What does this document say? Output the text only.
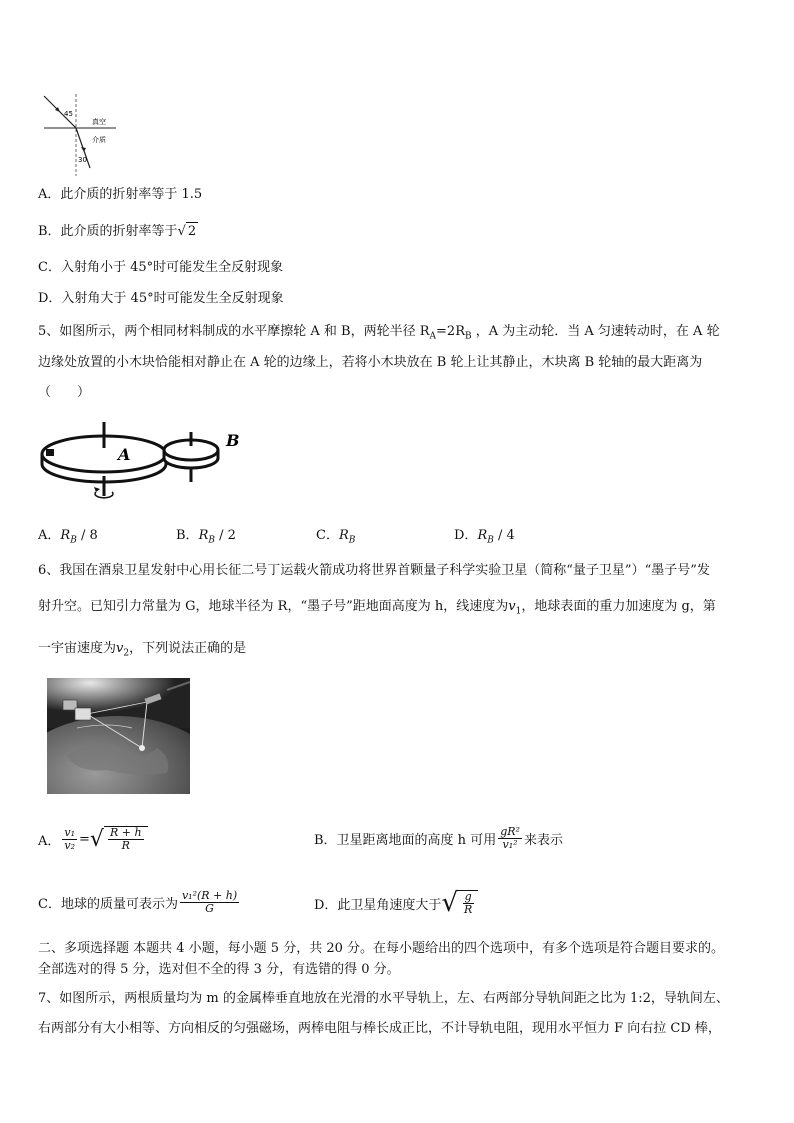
45
真空
介质
30
A．此介质的折射率等于 1.5
B．此介质的折射率等于√ 2
C．入射角小于 45°时可能发生全反射现象
D．入射角大于 45°时可能发生全反射现象
5、如图所示，两个相同材料制成的水平摩擦轮 A 和 B，两轮半径 $R_A=2R_B$ ，A 为主动轮．当 A 匀速转动时，在 A 轮
边缘处放置的小木块恰能相对静止在 A 轮的边缘上，若将小木块放在 B 轮上让其静止，木块离 B 轮轴的最大距离为
（　　）
A
B
A．$R_B / 8$	B．$R_B / 2$	C．$R_B$	D．$R_B / 4$
6、我国在酒泉卫星发射中心用长征二号丁运载火箭成功将世界首颗量子科学实验卫星（简称“量子卫星”）“墨子号”发
射升空。已知引力常量为 G，地球半径为 R，“墨子号”距地面高度为 h，线速度为$v_1$，地球表面的重力加速度为 g，第
一宇宙速度为$v_2$，下列说法正确的是
A． $\frac{\text{v₁}}{\text{v₂}}$ = √ $\frac{R + h}{R}$	B．卫星距离地面的高度 h 可用 $\frac{\text{gR²}}{\text{v₁²}}$ 来表示
C．地球的质量可表示为 $\frac{\text{v₁²(R + h)}}{G}$	D．此卫星角速度大于 √ $\frac{g}{R}$
二、多项选择题 本题共 4 小题，每小题 5 分，共 20 分。在每小题给出的四个选项中，有多个选项是符合题目要求的。
全部选对的得 5 分，选对但不全的得 3 分，有选错的得 0 分。
7、如图所示，两根质量均为 m 的金属棒垂直地放在光滑的水平导轨上，左、右两部分导轨间距之比为 1:2，导轨间左、
右两部分有大小相等、方向相反的匀强磁场，两棒电阻与棒长成正比，不计导轨电阻，现用水平恒力 F 向右拉 CD 棒，
